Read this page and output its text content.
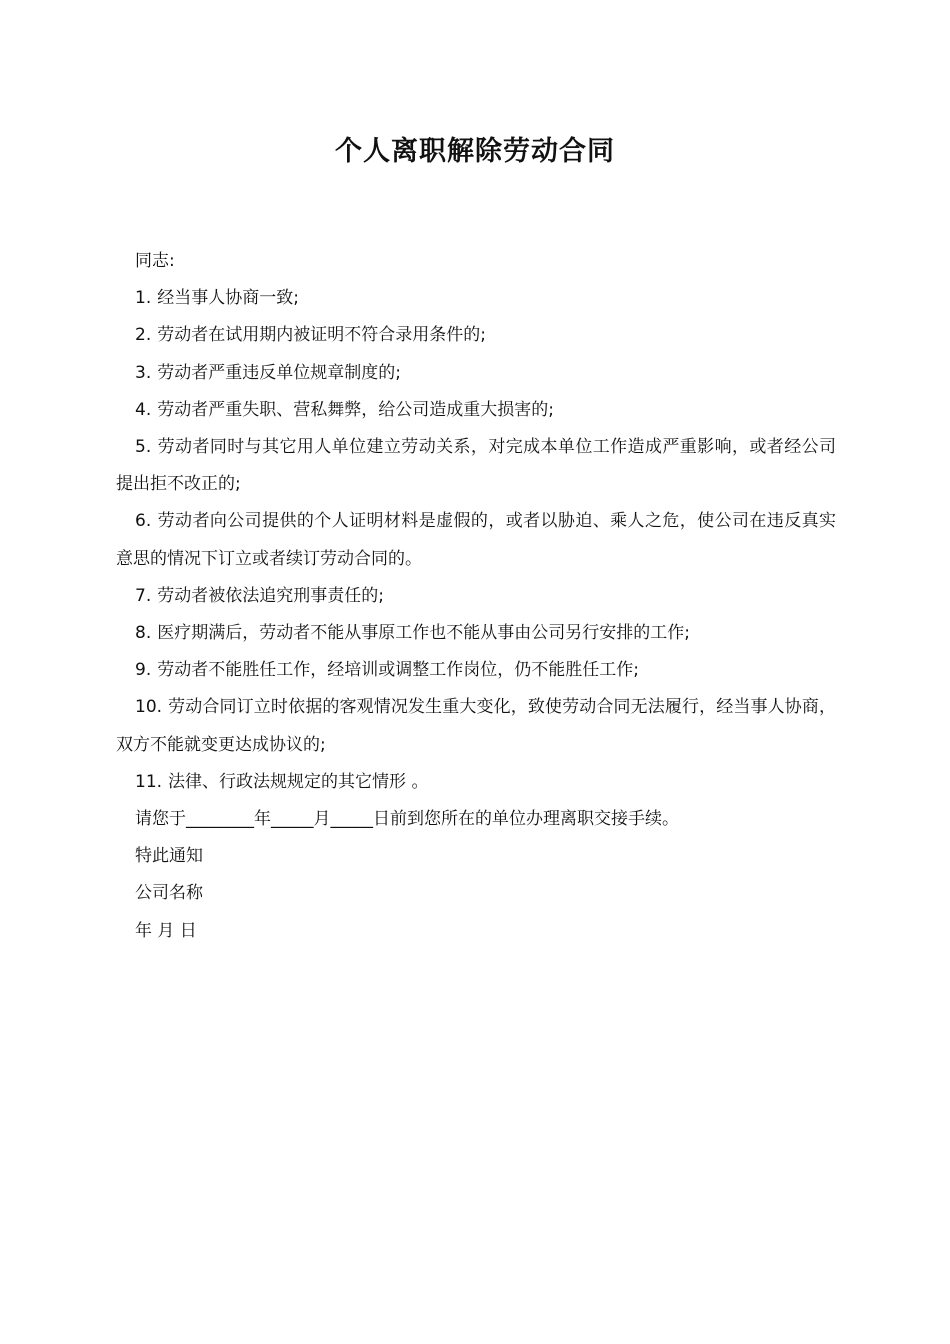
个人离职解除劳动合同

同志:

1. 经当事人协商一致;

2. 劳动者在试用期内被证明不符合录用条件的;

3. 劳动者严重违反单位规章制度的;

4. 劳动者严重失职、营私舞弊，给公司造成重大损害的;

5. 劳动者同时与其它用人单位建立劳动关系，对完成本单位工作造成严重影响，或者经公司提出拒不改正的;

6. 劳动者向公司提供的个人证明材料是虚假的，或者以胁迫、乘人之危，使公司在违反真实意思的情况下订立或者续订劳动合同的。

7. 劳动者被依法追究刑事责任的;

8. 医疗期满后，劳动者不能从事原工作也不能从事由公司另行安排的工作;

9. 劳动者不能胜任工作，经培训或调整工作岗位，仍不能胜任工作;

10. 劳动合同订立时依据的客观情况发生重大变化，致使劳动合同无法履行，经当事人协商，双方不能就变更达成协议的;

11. 法律、行政法规规定的其它情形 。

请您于________年_____月_____日前到您所在的单位办理离职交接手续。

特此通知

公司名称

年 月 日
